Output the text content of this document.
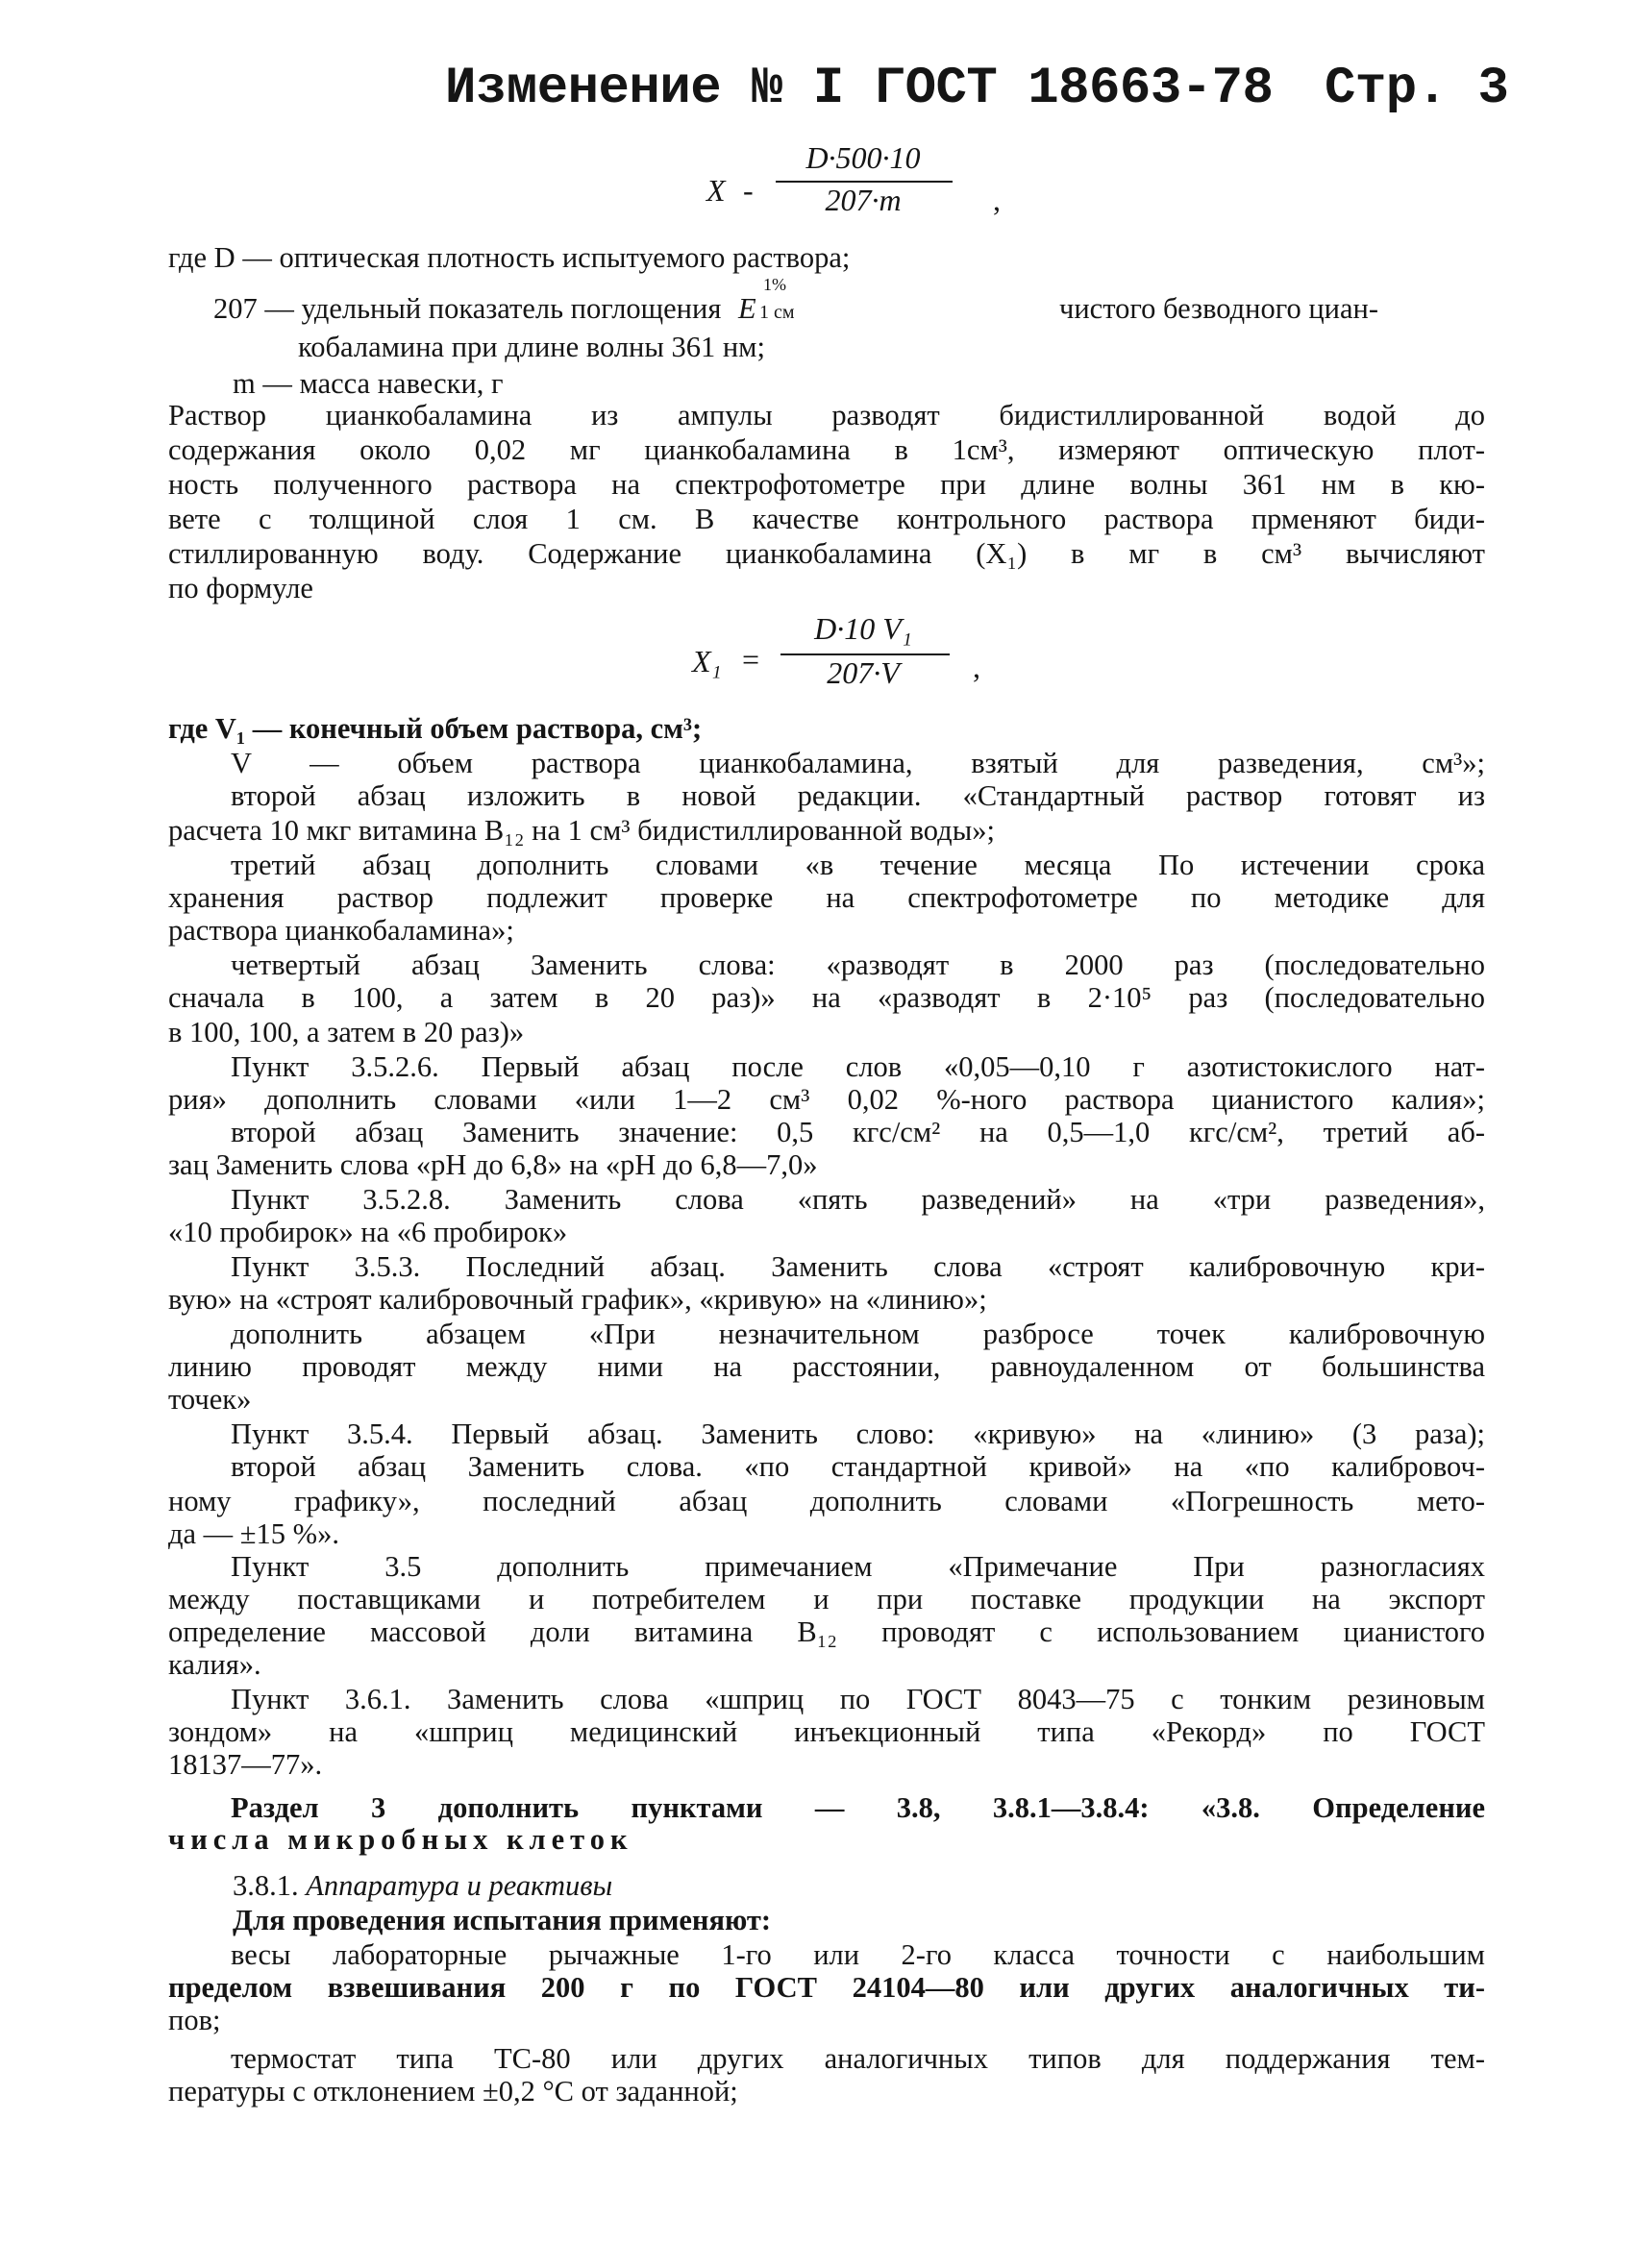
Изменение № I ГОСТ 18663-78 Стр. 3
X -
D·500·10
207·m	,
где D — оптическая плотность испытуемого раствора;
207 — удельный показатель поглощения E
1%
1 см	чистого безводного циан-
кобаламина при длине волны 361 нм;
m — масса навески, г
Раствор цианкобаламина из ампулы разводят бидистиллированной водой до
содержания около 0,02 мг цианкобаламина в 1см³, измеряют оптическую плот-
ность полученного раствора на спектрофотометре при длине волны 361 нм в кю-
вете с толщиной слоя 1 см. В качестве контрольного раствора прменяют биди-
стиллированную воду. Содержание цианкобаламина (X₁) в мг в см³ вычисляют
по формуле
X₁ =
D·10 V₁
207·V	,
где V₁ — конечный объем раствора, см³;
V — объем раствора цианкобаламина, взятый для разведения, см³»;
второй абзац изложить в новой редакции. «Стандартный раствор готовят из
расчета 10 мкг витамина B₁₂ на 1 см³ бидистиллированной воды»;
третий абзац дополнить словами «в течение месяца По истечении срока
хранения раствор подлежит проверке на спектрофотометре по методике для
раствора цианкобаламина»;
четвертый абзац Заменить слова: «разводят в 2000 раз (последовательно
сначала в 100, а затем в 20 раз)» на «разводят в 2·10⁵ раз (последовательно
в 100, 100, а затем в 20 раз)»
Пункт 3.5.2.6. Первый абзац после слов «0,05—0,10 г азотистокислого нат-
рия» дополнить словами «или 1—2 см³ 0,02 %-ного раствора цианистого калия»;
второй абзац Заменить значение: 0,5 кгс/см² на 0,5—1,0 кгс/см², третий аб-
зац Заменить слова «pH до 6,8» на «pH до 6,8—7,0»
Пункт 3.5.2.8. Заменить слова «пять разведений» на «три разведения»,
«10 пробирок» на «6 пробирок»
Пункт 3.5.3. Последний абзац. Заменить слова «строят калибровочную кри-
вую» на «строят калибровочный график», «кривую» на «линию»;
дополнить абзацем «При незначительном разбросе точек калибровочную
линию проводят между ними на расстоянии, равноудаленном от большинства
точек»
Пункт 3.5.4. Первый абзац. Заменить слово: «кривую» на «линию» (3 раза);
второй абзац Заменить слова. «по стандартной кривой» на «по калибровоч-
ному графику», последний абзац дополнить словами «Погрешность мето-
да — ±15 %».
Пункт 3.5 дополнить примечанием «Примечание При разногласиях
между поставщиками и потребителем и при поставке продукции на экспорт
определение массовой доли витамина B₁₂ проводят с использованием цианистого
калия».
Пункт 3.6.1. Заменить слова «шприц по ГОСТ 8043—75 с тонким резиновым
зондом» на «шприц медицинский инъекционный типа «Рекорд» по ГОСТ
18137—77».
Раздел 3 дополнить пунктами — 3.8, 3.8.1—3.8.4: «3.8. Определение
числа микробных клеток
3.8.1. Аппаратура и реактивы
Для проведения испытания применяют:
весы лабораторные рычажные 1-го или 2-го класса точности с наибольшим
пределом взвешивания 200 г по ГОСТ 24104—80 или других аналогичных ти-
пов;
термостат типа ТС-80 или других аналогичных типов для поддержания тем-
пературы с отклонением ±0,2 °С от заданной;
